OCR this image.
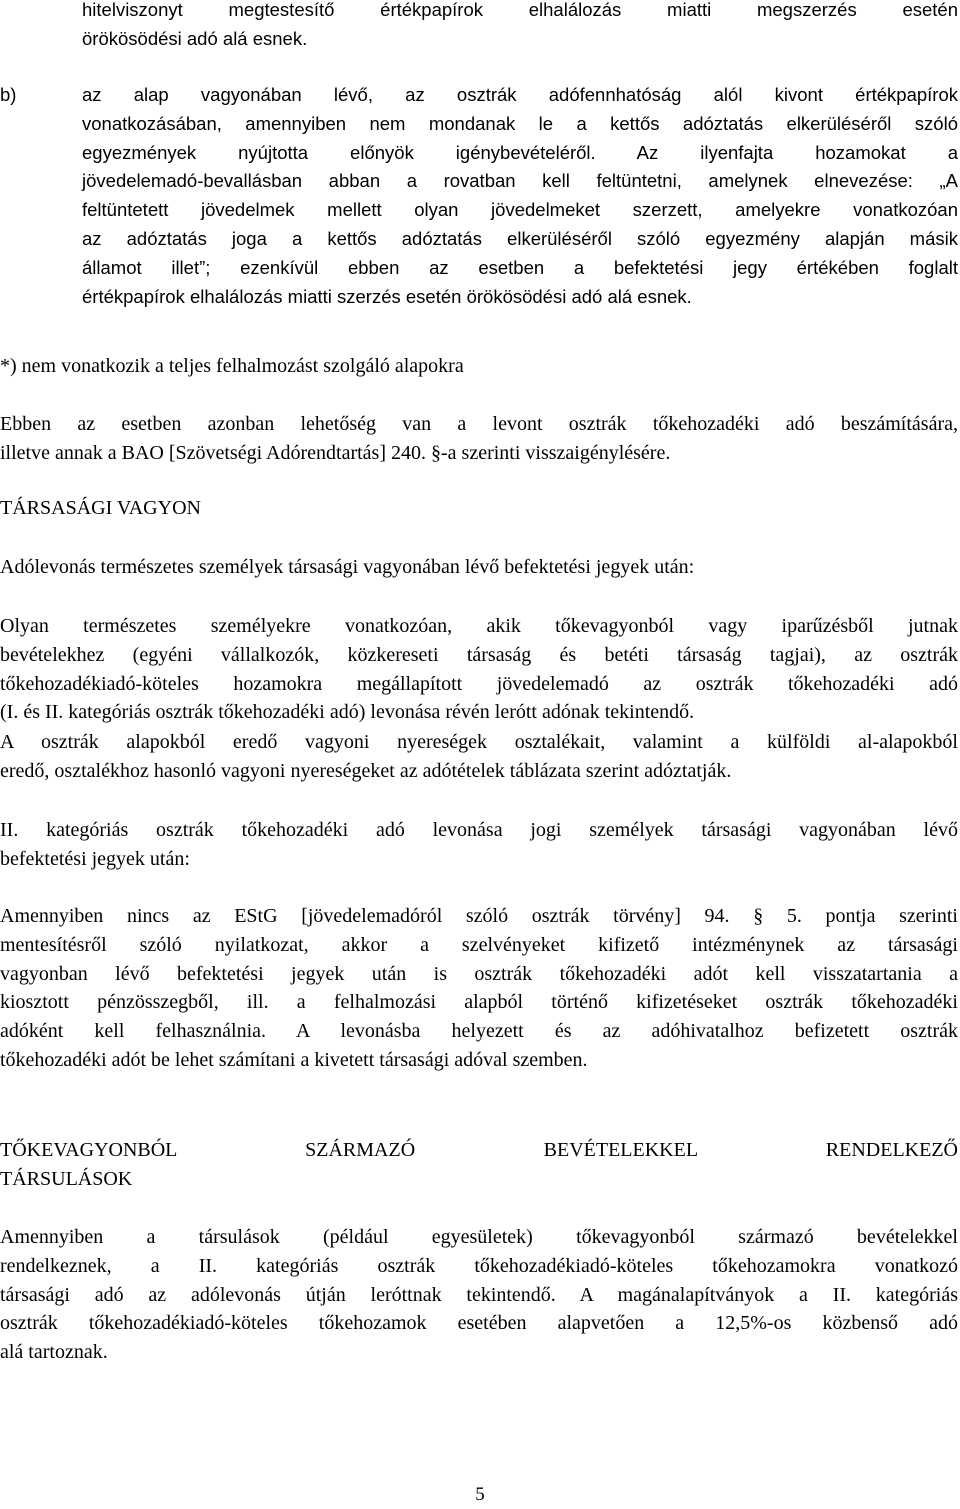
hitelviszonyt megtestesítő értékpapírok elhalálozás miatti megszerzés esetén
örökösödési adó alá esnek.
b)	az alap vagyonában lévő, az osztrák adófennhatóság alól kivont értékpapírok
vonatkozásában, amennyiben nem mondanak le a kettős adóztatás elkerüléséről szóló
egyezmények nyújtotta előnyök igénybevételéről. Az ilyenfajta hozamokat a
jövedelemadó-bevallásban abban a rovatban kell feltüntetni, amelynek elnevezése: „A
feltüntetett jövedelmek mellett olyan jövedelmeket szerzett, amelyekre vonatkozóan
az adóztatás joga a kettős adóztatás elkerüléséről szóló egyezmény alapján másik
államot illet”; ezenkívül ebben az esetben a befektetési jegy értékében foglalt
értékpapírok elhalálozás miatti szerzés esetén örökösödési adó alá esnek.
*) nem vonatkozik a teljes felhalmozást szolgáló alapokra
Ebben az esetben azonban lehetőség van a levont osztrák tőkehozadéki adó beszámítására,
illetve annak a BAO [Szövetségi Adórendtartás] 240. §-a szerinti visszaigénylésére.
TÁRSASÁGI VAGYON
Adólevonás természetes személyek társasági vagyonában lévő befektetési jegyek után:
Olyan természetes személyekre vonatkozóan, akik tőkevagyonból vagy iparűzésből jutnak
bevételekhez (egyéni vállalkozók, közkereseti társaság és betéti társaság tagjai), az osztrák
tőkehozadékiadó-köteles hozamokra megállapított jövedelemadó az osztrák tőkehozadéki adó
(I. és II. kategóriás osztrák tőkehozadéki adó) levonása révén lerótt adónak tekintendő.
A osztrák alapokból eredő vagyoni nyereségek osztalékait, valamint a külföldi al-alapokból
eredő, osztalékhoz hasonló vagyoni nyereségeket az adótételek táblázata szerint adóztatják.
II. kategóriás osztrák tőkehozadéki adó levonása jogi személyek társasági vagyonában lévő
befektetési jegyek után:
Amennyiben nincs az EStG [jövedelemadóról szóló osztrák törvény] 94. § 5. pontja szerinti
mentesítésről szóló nyilatkozat, akkor a szelvényeket kifizető intézménynek az társasági
vagyonban lévő befektetési jegyek után is osztrák tőkehozadéki adót kell visszatartania a
kiosztott pénzösszegből, ill. a felhalmozási alapból történő kifizetéseket osztrák tőkehozadéki
adóként kell felhasználnia. A levonásba helyezett és az adóhivatalhoz befizetett osztrák
tőkehozadéki adót be lehet számítani a kivetett társasági adóval szemben.
TŐKEVAGYONBÓL SZÁRMAZÓ BEVÉTELEKKEL RENDELKEZŐ
TÁRSULÁSOK
Amennyiben a társulások (például egyesületek) tőkevagyonból származó bevételekkel
rendelkeznek, a II. kategóriás osztrák tőkehozadékiadó-köteles tőkehozamokra vonatkozó
társasági adó az adólevonás útján leróttnak tekintendő. A magánalapítványok a II. kategóriás
osztrák tőkehozadékiadó-köteles tőkehozamok esetében alapvetően a 12,5%-os közbenső adó
alá tartoznak.
5
